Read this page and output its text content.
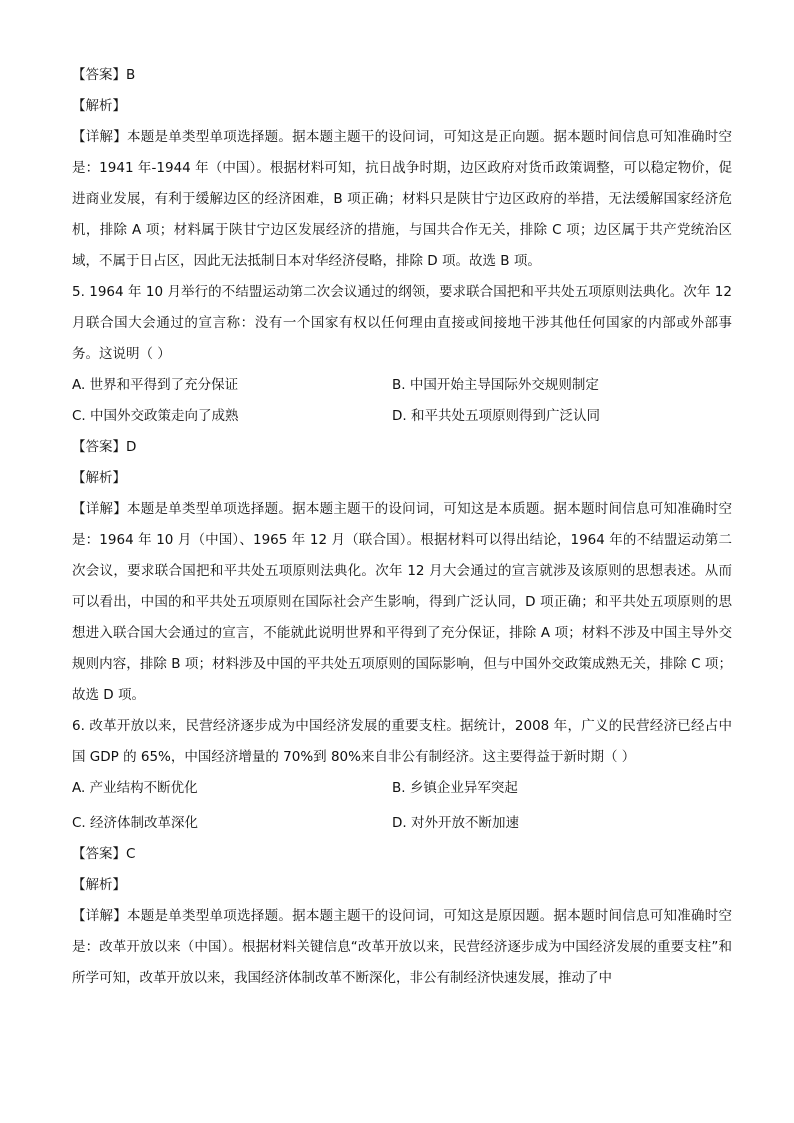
【答案】B
【解析】
【详解】本题是单类型单项选择题。据本题主题干的设问词，可知这是正向题。据本题时间信息可知准确时空是：1941 年-1944 年（中国）。根据材料可知，抗日战争时期，边区政府对货币政策调整，可以稳定物价，促进商业发展，有利于缓解边区的经济困难，B 项正确；材料只是陕甘宁边区政府的举措，无法缓解国家经济危机，排除 A 项；材料属于陕甘宁边区发展经济的措施，与国共合作无关，排除 C 项；边区属于共产党统治区域，不属于日占区，因此无法抵制日本对华经济侵略，排除 D 项。故选 B 项。
5. 1964 年 10 月举行的不结盟运动第二次会议通过的纲领，要求联合国把和平共处五项原则法典化。次年 12 月联合国大会通过的宣言称：没有一个国家有权以任何理由直接或间接地干涉其他任何国家的内部或外部事务。这说明（ ）
A. 世界和平得到了充分保证	B. 中国开始主导国际外交规则制定
C. 中国外交政策走向了成熟	D. 和平共处五项原则得到广泛认同
【答案】D
【解析】
【详解】本题是单类型单项选择题。据本题主题干的设问词，可知这是本质题。据本题时间信息可知准确时空是：1964 年 10 月（中国）、1965 年 12 月（联合国）。根据材料可以得出结论，1964 年的不结盟运动第二次会议，要求联合国把和平共处五项原则法典化。次年 12 月大会通过的宣言就涉及该原则的思想表述。从而可以看出，中国的和平共处五项原则在国际社会产生影响，得到广泛认同，D 项正确；和平共处五项原则的思想进入联合国大会通过的宣言，不能就此说明世界和平得到了充分保证，排除 A 项；材料不涉及中国主导外交规则内容，排除 B 项；材料涉及中国的平共处五项原则的国际影响，但与中国外交政策成熟无关，排除 C 项；故选 D 项。
6. 改革开放以来，民营经济逐步成为中国经济发展的重要支柱。据统计，2008 年，广义的民营经济已经占中国 GDP 的 65%，中国经济增量的 70%到 80%来自非公有制经济。这主要得益于新时期（ ）
A. 产业结构不断优化	B. 乡镇企业异军突起
C. 经济体制改革深化	D. 对外开放不断加速
【答案】C
【解析】
【详解】本题是单类型单项选择题。据本题主题干的设问词，可知这是原因题。据本题时间信息可知准确时空是：改革开放以来（中国）。根据材料关键信息“改革开放以来，民营经济逐步成为中国经济发展的重要支柱”和所学可知，改革开放以来，我国经济体制改革不断深化，非公有制经济快速发展，推动了中
